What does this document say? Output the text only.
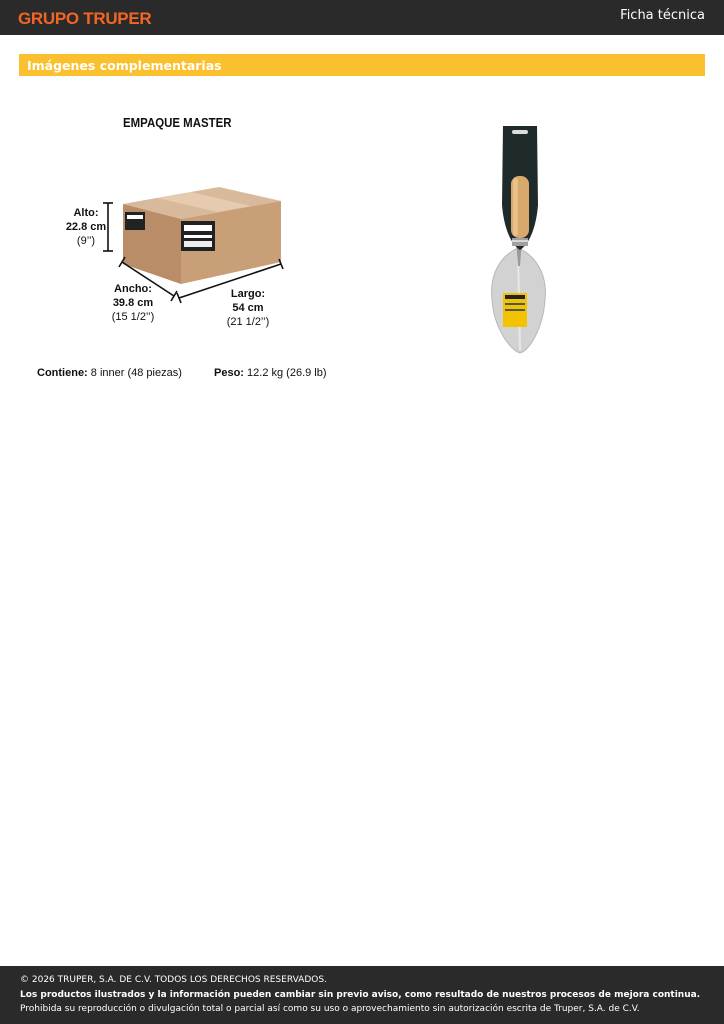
GRUPO TRUPER	Ficha técnica
Imágenes complementarias
EMPAQUE MASTER
Alto:
22.8 cm
(9’’)
Ancho:
39.8 cm
(15 1/2’’)
Largo:
54 cm
(21 1/2’’)
Contiene: 8 inner (48 piezas)	Peso: 12.2 kg (26.9 lb)
© 2026 TRUPER, S.A. DE C.V. TODOS LOS DERECHOS RESERVADOS.
Los productos ilustrados y la información pueden cambiar sin previo aviso, como resultado de nuestros procesos de mejora continua.
Prohibida su reproducción o divulgación total o parcial así como su uso o aprovechamiento sin autorización escrita de Truper, S.A. de C.V.
